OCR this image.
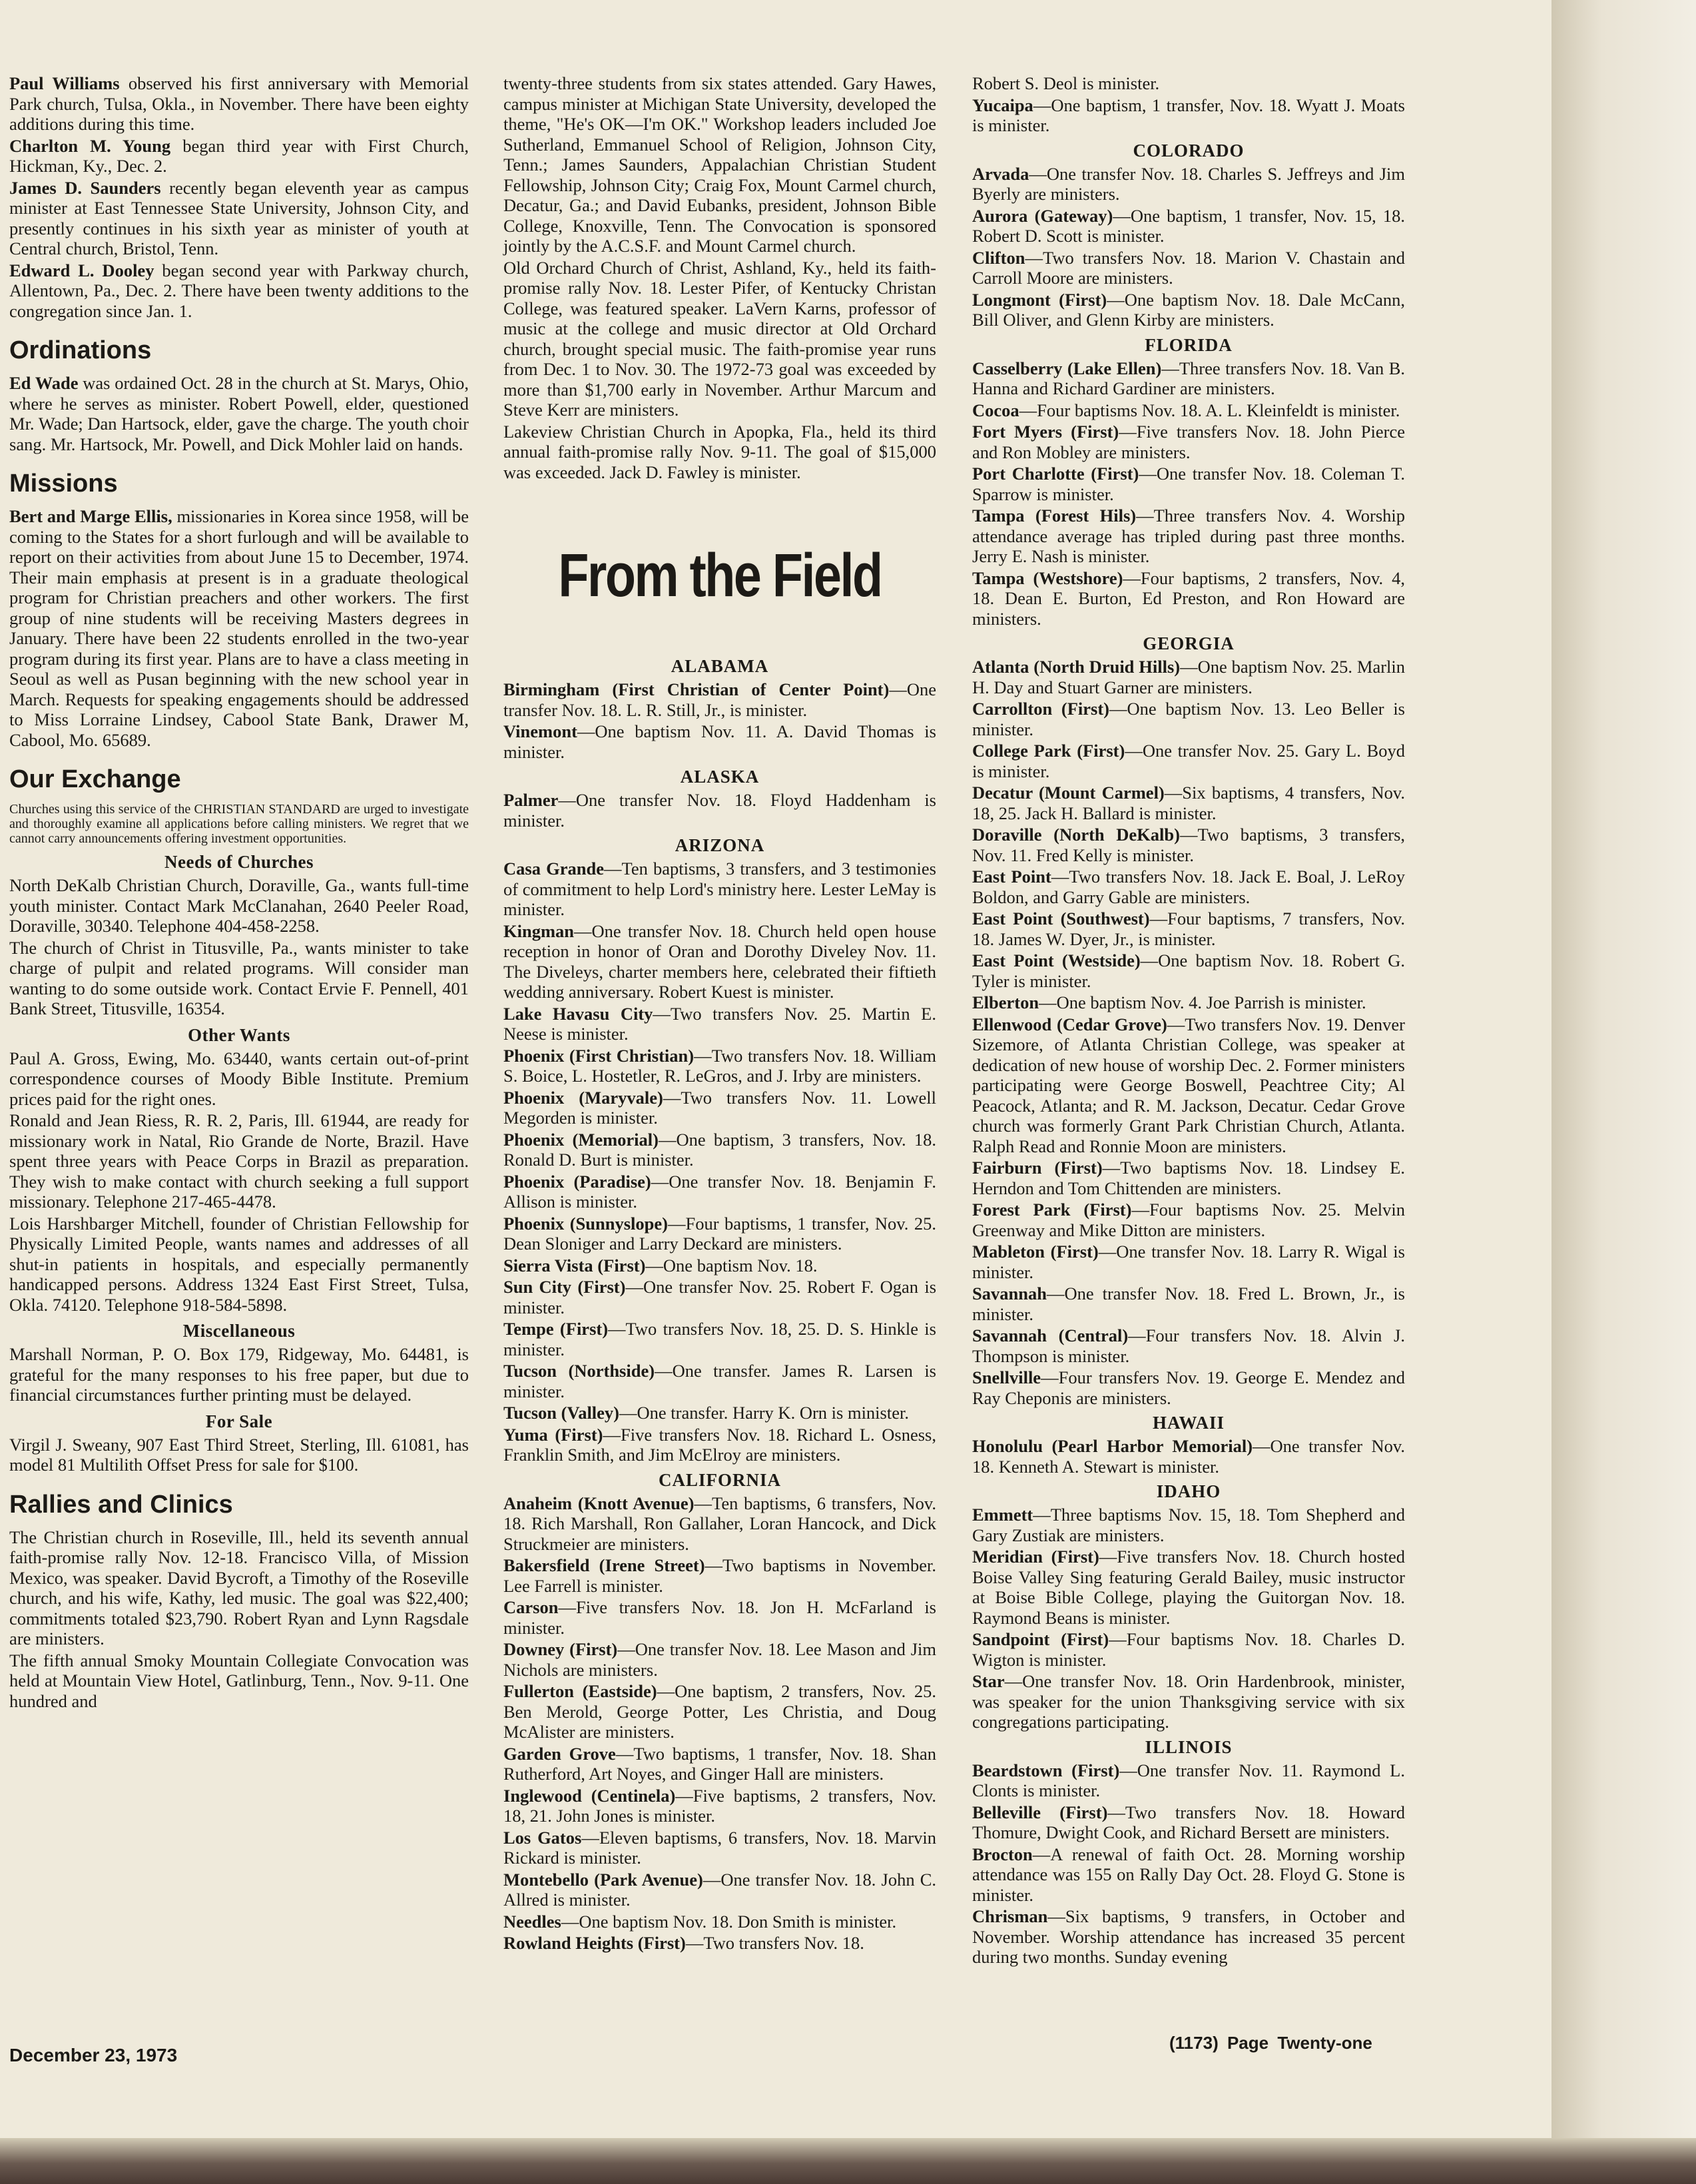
Paul Williams observed his first anniversary with Memorial Park church, Tulsa, Okla., in November. There have been eighty additions during this time.

Charlton M. Young began third year with First Church, Hickman, Ky., Dec. 2.

James D. Saunders recently began eleventh year as campus minister at East Tennessee State University, Johnson City, and presently continues in his sixth year as minister of youth at Central church, Bristol, Tenn.

Edward L. Dooley began second year with Parkway church, Allentown, Pa., Dec. 2. There have been twenty additions to the congregation since Jan. 1.

Ordinations

Ed Wade was ordained Oct. 28 in the church at St. Marys, Ohio, where he serves as minister. Robert Powell, elder, questioned Mr. Wade; Dan Hartsock, elder, gave the charge. The youth choir sang. Mr. Hartsock, Mr. Powell, and Dick Mohler laid on hands.

Missions

Bert and Marge Ellis, missionaries in Korea since 1958, will be coming to the States for a short furlough and will be available to report on their activities from about June 15 to December, 1974. Their main emphasis at present is in a graduate theological program for Christian preachers and other workers. The first group of nine students will be receiving Masters degrees in January. There have been 22 students enrolled in the two-year program during its first year. Plans are to have a class meeting in Seoul as well as Pusan beginning with the new school year in March. Requests for speaking engagements should be addressed to Miss Lorraine Lindsey, Cabool State Bank, Drawer M, Cabool, Mo. 65689.

Our Exchange

Churches using this service of the CHRISTIAN STANDARD are urged to investigate and thoroughly examine all applications before calling ministers. We regret that we cannot carry announcements offering investment opportunities.

Needs of Churches

North DeKalb Christian Church, Doraville, Ga., wants full-time youth minister. Contact Mark McClanahan, 2640 Peeler Road, Doraville, 30340. Telephone 404-458-2258.

The church of Christ in Titusville, Pa., wants minister to take charge of pulpit and related programs. Will consider man wanting to do some outside work. Contact Ervie F. Pennell, 401 Bank Street, Titusville, 16354.

Other Wants

Paul A. Gross, Ewing, Mo. 63440, wants certain out-of-print correspondence courses of Moody Bible Institute. Premium prices paid for the right ones.

Ronald and Jean Riess, R. R. 2, Paris, Ill. 61944, are ready for missionary work in Natal, Rio Grande de Norte, Brazil. Have spent three years with Peace Corps in Brazil as preparation. They wish to make contact with church seeking a full support missionary. Telephone 217-465-4478.

Lois Harshbarger Mitchell, founder of Christian Fellowship for Physically Limited People, wants names and addresses of all shut-in patients in hospitals, and especially permanently handicapped persons. Address 1324 East First Street, Tulsa, Okla. 74120. Telephone 918-584-5898.

Miscellaneous

Marshall Norman, P. O. Box 179, Ridgeway, Mo. 64481, is grateful for the many responses to his free paper, but due to financial circumstances further printing must be delayed.

For Sale

Virgil J. Sweany, 907 East Third Street, Sterling, Ill. 61081, has model 81 Multilith Offset Press for sale for $100.

Rallies and Clinics

The Christian church in Roseville, Ill., held its seventh annual faith-promise rally Nov. 12-18. Francisco Villa, of Mission Mexico, was speaker. David Bycroft, a Timothy of the Roseville church, and his wife, Kathy, led music. The goal was $22,400; commitments totaled $23,790. Robert Ryan and Lynn Ragsdale are ministers.

The fifth annual Smoky Mountain Collegiate Convocation was held at Mountain View Hotel, Gatlinburg, Tenn., Nov. 9-11. One hundred and

twenty-three students from six states attended. Gary Hawes, campus minister at Michigan State University, developed the theme, "He's OK—I'm OK." Workshop leaders included Joe Sutherland, Emmanuel School of Religion, Johnson City, Tenn.; James Saunders, Appalachian Christian Student Fellowship, Johnson City; Craig Fox, Mount Carmel church, Decatur, Ga.; and David Eubanks, president, Johnson Bible College, Knoxville, Tenn. The Convocation is sponsored jointly by the A.C.S.F. and Mount Carmel church.

Old Orchard Church of Christ, Ashland, Ky., held its faith-promise rally Nov. 18. Lester Pifer, of Kentucky Christan College, was featured speaker. LaVern Karns, professor of music at the college and music director at Old Orchard church, brought special music. The faith-promise year runs from Dec. 1 to Nov. 30. The 1972-73 goal was exceeded by more than $1,700 early in November. Arthur Marcum and Steve Kerr are ministers.

Lakeview Christian Church in Apopka, Fla., held its third annual faith-promise rally Nov. 9-11. The goal of $15,000 was exceeded. Jack D. Fawley is minister.

From the Field
ALABAMA

Birmingham (First Christian of Center Point)—One transfer Nov. 18. L. R. Still, Jr., is minister.

Vinemont—One baptism Nov. 11. A. David Thomas is minister.

ALASKA

Palmer—One transfer Nov. 18. Floyd Haddenham is minister.

ARIZONA

Casa Grande—Ten baptisms, 3 transfers, and 3 testimonies of commitment to help Lord's ministry here. Lester LeMay is minister.

Kingman—One transfer Nov. 18. Church held open house reception in honor of Oran and Dorothy Diveley Nov. 11. The Diveleys, charter members here, celebrated their fiftieth wedding anniversary. Robert Kuest is minister.

Lake Havasu City—Two transfers Nov. 25. Martin E. Neese is minister.

Phoenix (First Christian)—Two transfers Nov. 18. William S. Boice, L. Hostetler, R. LeGros, and J. Irby are ministers.

Phoenix (Maryvale)—Two transfers Nov. 11. Lowell Megorden is minister.

Phoenix (Memorial)—One baptism, 3 transfers, Nov. 18. Ronald D. Burt is minister.

Phoenix (Paradise)—One transfer Nov. 18. Benjamin F. Allison is minister.

Phoenix (Sunnyslope)—Four baptisms, 1 transfer, Nov. 25. Dean Sloniger and Larry Deckard are ministers.

Sierra Vista (First)—One baptism Nov. 18.

Sun City (First)—One transfer Nov. 25. Robert F. Ogan is minister.

Tempe (First)—Two transfers Nov. 18, 25. D. S. Hinkle is minister.

Tucson (Northside)—One transfer. James R. Larsen is minister.

Tucson (Valley)—One transfer. Harry K. Orn is minister.

Yuma (First)—Five transfers Nov. 18. Richard L. Osness, Franklin Smith, and Jim McElroy are ministers.

CALIFORNIA

Anaheim (Knott Avenue)—Ten baptisms, 6 transfers, Nov. 18. Rich Marshall, Ron Gallaher, Loran Hancock, and Dick Struckmeier are ministers.

Bakersfield (Irene Street)—Two baptisms in November. Lee Farrell is minister.

Carson—Five transfers Nov. 18. Jon H. McFarland is minister.

Downey (First)—One transfer Nov. 18. Lee Mason and Jim Nichols are ministers.

Fullerton (Eastside)—One baptism, 2 transfers, Nov. 25. Ben Merold, George Potter, Les Christia, and Doug McAlister are ministers.

Garden Grove—Two baptisms, 1 transfer, Nov. 18. Shan Rutherford, Art Noyes, and Ginger Hall are ministers.

Inglewood (Centinela)—Five baptisms, 2 transfers, Nov. 18, 21. John Jones is minister.

Los Gatos—Eleven baptisms, 6 transfers, Nov. 18. Marvin Rickard is minister.

Montebello (Park Avenue)—One transfer Nov. 18. John C. Allred is minister.

Needles—One baptism Nov. 18. Don Smith is minister.

Rowland Heights (First)—Two transfers Nov. 18.

Robert S. Deol is minister.

Yucaipa—One baptism, 1 transfer, Nov. 18. Wyatt J. Moats is minister.

COLORADO

Arvada—One transfer Nov. 18. Charles S. Jeffreys and Jim Byerly are ministers.

Aurora (Gateway)—One baptism, 1 transfer, Nov. 15, 18. Robert D. Scott is minister.

Clifton—Two transfers Nov. 18. Marion V. Chastain and Carroll Moore are ministers.

Longmont (First)—One baptism Nov. 18. Dale McCann, Bill Oliver, and Glenn Kirby are ministers.

FLORIDA

Casselberry (Lake Ellen)—Three transfers Nov. 18. Van B. Hanna and Richard Gardiner are ministers.

Cocoa—Four baptisms Nov. 18. A. L. Kleinfeldt is minister.

Fort Myers (First)—Five transfers Nov. 18. John Pierce and Ron Mobley are ministers.

Port Charlotte (First)—One transfer Nov. 18. Coleman T. Sparrow is minister.

Tampa (Forest Hils)—Three transfers Nov. 4. Worship attendance average has tripled during past three months. Jerry E. Nash is minister.

Tampa (Westshore)—Four baptisms, 2 transfers, Nov. 4, 18. Dean E. Burton, Ed Preston, and Ron Howard are ministers.

GEORGIA

Atlanta (North Druid Hills)—One baptism Nov. 25. Marlin H. Day and Stuart Garner are ministers.

Carrollton (First)—One baptism Nov. 13. Leo Beller is minister.

College Park (First)—One transfer Nov. 25. Gary L. Boyd is minister.

Decatur (Mount Carmel)—Six baptisms, 4 transfers, Nov. 18, 25. Jack H. Ballard is minister.

Doraville (North DeKalb)—Two baptisms, 3 transfers, Nov. 11. Fred Kelly is minister.

East Point—Two transfers Nov. 18. Jack E. Boal, J. LeRoy Boldon, and Garry Gable are ministers.

East Point (Southwest)—Four baptisms, 7 transfers, Nov. 18. James W. Dyer, Jr., is minister.

East Point (Westside)—One baptism Nov. 18. Robert G. Tyler is minister.

Elberton—One baptism Nov. 4. Joe Parrish is minister.

Ellenwood (Cedar Grove)—Two transfers Nov. 19. Denver Sizemore, of Atlanta Christian College, was speaker at dedication of new house of worship Dec. 2. Former ministers participating were George Boswell, Peachtree City; Al Peacock, Atlanta; and R. M. Jackson, Decatur. Cedar Grove church was formerly Grant Park Christian Church, Atlanta. Ralph Read and Ronnie Moon are ministers.

Fairburn (First)—Two baptisms Nov. 18. Lindsey E. Herndon and Tom Chittenden are ministers.

Forest Park (First)—Four baptisms Nov. 25. Melvin Greenway and Mike Ditton are ministers.

Mableton (First)—One transfer Nov. 18. Larry R. Wigal is minister.

Savannah—One transfer Nov. 18. Fred L. Brown, Jr., is minister.

Savannah (Central)—Four transfers Nov. 18. Alvin J. Thompson is minister.

Snellville—Four transfers Nov. 19. George E. Mendez and Ray Cheponis are ministers.

HAWAII

Honolulu (Pearl Harbor Memorial)—One transfer Nov. 18. Kenneth A. Stewart is minister.

IDAHO

Emmett—Three baptisms Nov. 15, 18. Tom Shepherd and Gary Zustiak are ministers.

Meridian (First)—Five transfers Nov. 18. Church hosted Boise Valley Sing featuring Gerald Bailey, music instructor at Boise Bible College, playing the Guitorgan Nov. 18. Raymond Beans is minister.

Sandpoint (First)—Four baptisms Nov. 18. Charles D. Wigton is minister.

Star—One transfer Nov. 18. Orin Hardenbrook, minister, was speaker for the union Thanksgiving service with six congregations participating.

ILLINOIS

Beardstown (First)—One transfer Nov. 11. Raymond L. Clonts is minister.

Belleville (First)—Two transfers Nov. 18. Howard Thomure, Dwight Cook, and Richard Bersett are ministers.

Brocton—A renewal of faith Oct. 28. Morning worship attendance was 155 on Rally Day Oct. 28. Floyd G. Stone is minister.

Chrisman—Six baptisms, 9 transfers, in October and November. Worship attendance has increased 35 percent during two months. Sunday evening

December 23, 1973
(1173) Page Twenty-one
